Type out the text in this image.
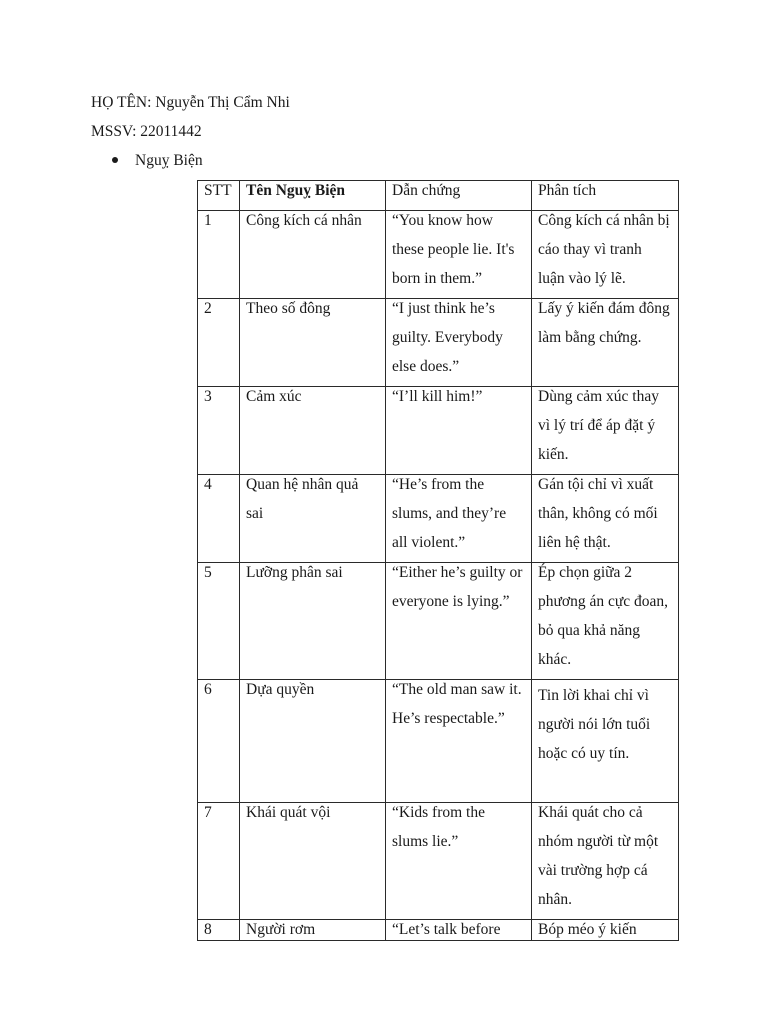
HỌ TÊN: Nguyễn Thị Cẩm Nhi
MSSV: 22011442
Nguỵ Biện
STT	Tên Nguỵ Biện	Dẫn chứng	Phân tích

1	Công kích cá nhân	“You know how these people lie. It's born in them.”	Công kích cá nhân bị cáo thay vì tranh luận vào lý lẽ.

2	Theo số đông	“I just think he’s guilty. Everybody else does.”	Lấy ý kiến đám đông làm bằng chứng.

3	Cảm xúc	“I’ll kill him!”	Dùng cảm xúc thay vì lý trí để áp đặt ý kiến.

4	Quan hệ nhân quả sai	“He’s from the slums, and they’re all violent.”	Gán tội chỉ vì xuất thân, không có mối liên hệ thật.

5	Lưỡng phân sai	“Either he’s guilty or everyone is lying.”	Ép chọn giữa 2 phương án cực đoan, bỏ qua khả năng khác.

6	Dựa quyền	“The old man saw it. He’s respectable.”	Tin lời khai chỉ vì người nói lớn tuổi hoặc có uy tín.

7	Khái quát vội	“Kids from the slums lie.”	Khái quát cho cả nhóm người từ một vài trường hợp cá nhân.

8	Người rơm	“Let’s talk before	Bóp méo ý kiến
